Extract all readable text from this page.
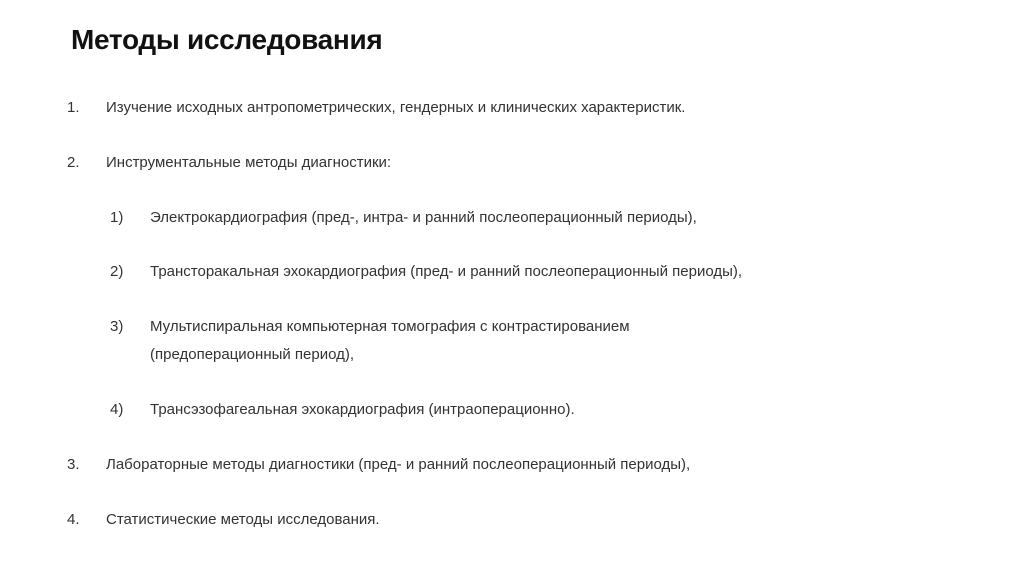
Методы исследования
1. Изучение исходных антропометрических, гендерных и клинических характеристик.
2. Инструментальные методы диагностики:
1) Электрокардиография (пред-, интра- и ранний послеоперационный периоды),
2) Трансторакальная эхокардиография (пред- и ранний послеоперационный периоды),
3) Мультиспиральная компьютерная томография с контрастированием
(предоперационный период),
4) Трансэзофагеальная эхокардиография (интраоперационно).
3. Лабораторные методы диагностики (пред- и ранний послеоперационный периоды),
4. Статистические методы исследования.
